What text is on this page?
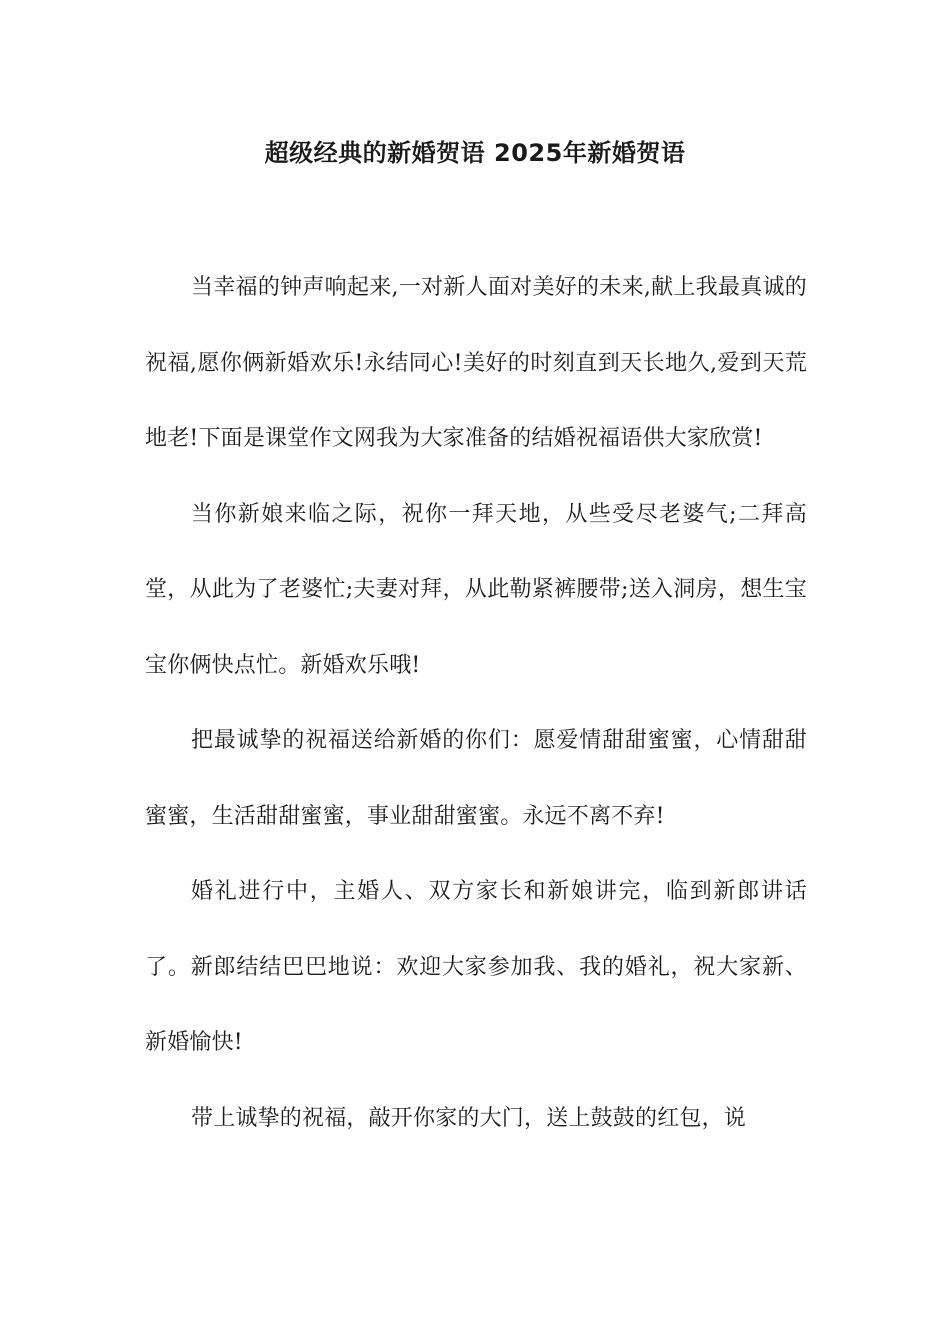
超级经典的新婚贺语 2025年新婚贺语

当幸福的钟声响起来,一对新人面对美好的未来,献上我最真诚的祝福,愿你俩新婚欢乐!永结同心!美好的时刻直到天长地久,爱到天荒地老!下面是课堂作文网我为大家准备的结婚祝福语供大家欣赏!

当你新娘来临之际，祝你一拜天地，从些受尽老婆气;二拜高堂，从此为了老婆忙;夫妻对拜，从此勒紧裤腰带;送入洞房，想生宝宝你俩快点忙。新婚欢乐哦!

把最诚挚的祝福送给新婚的你们：愿爱情甜甜蜜蜜，心情甜甜蜜蜜，生活甜甜蜜蜜，事业甜甜蜜蜜。永远不离不弃!

婚礼进行中，主婚人、双方家长和新娘讲完，临到新郎讲话了。新郎结结巴巴地说：欢迎大家参加我、我的婚礼，祝大家新、新婚愉快!

带上诚挚的祝福，敲开你家的大门，送上鼓鼓的红包，说
